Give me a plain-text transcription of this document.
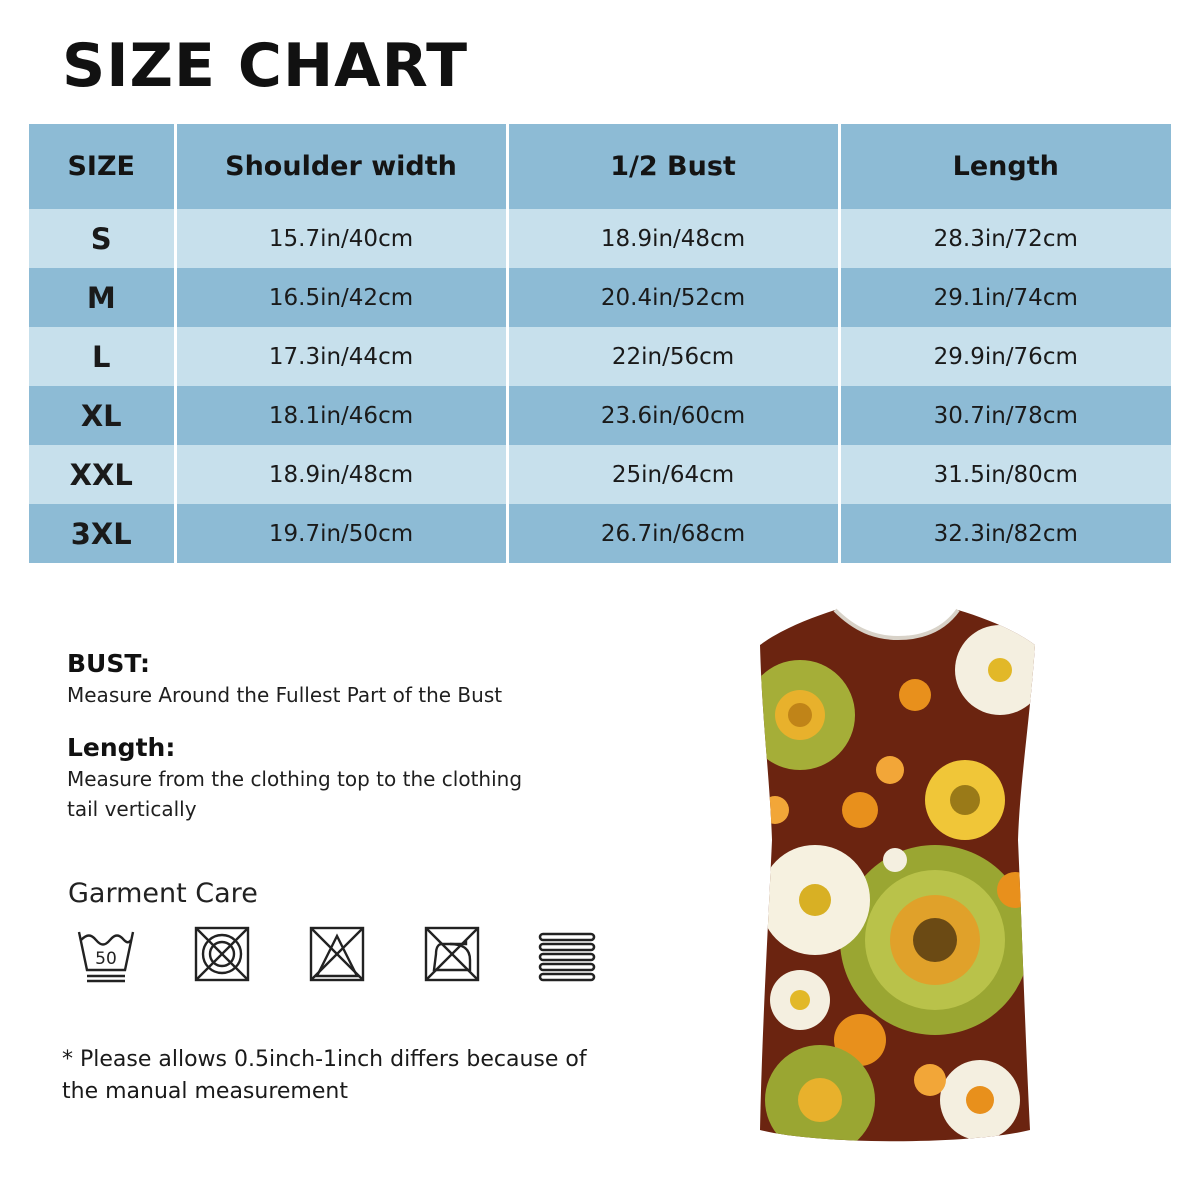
SIZE CHART
SIZE	Shoulder width	1/2 Bust	Length
S	15.7in/40cm	18.9in/48cm	28.3in/72cm
M	16.5in/42cm	20.4in/52cm	29.1in/74cm
L	17.3in/44cm	22in/56cm	29.9in/76cm
XL	18.1in/46cm	23.6in/60cm	30.7in/78cm
XXL	18.9in/48cm	25in/64cm	31.5in/80cm
3XL	19.7in/50cm	26.7in/68cm	32.3in/82cm
BUST:

Measure Around the Fullest Part of the Bust

Length:

Measure from the clothing top to the clothing tail vertically

Garment Care
50

* Please allows 0.5inch-1inch differs because of the manual measurement
